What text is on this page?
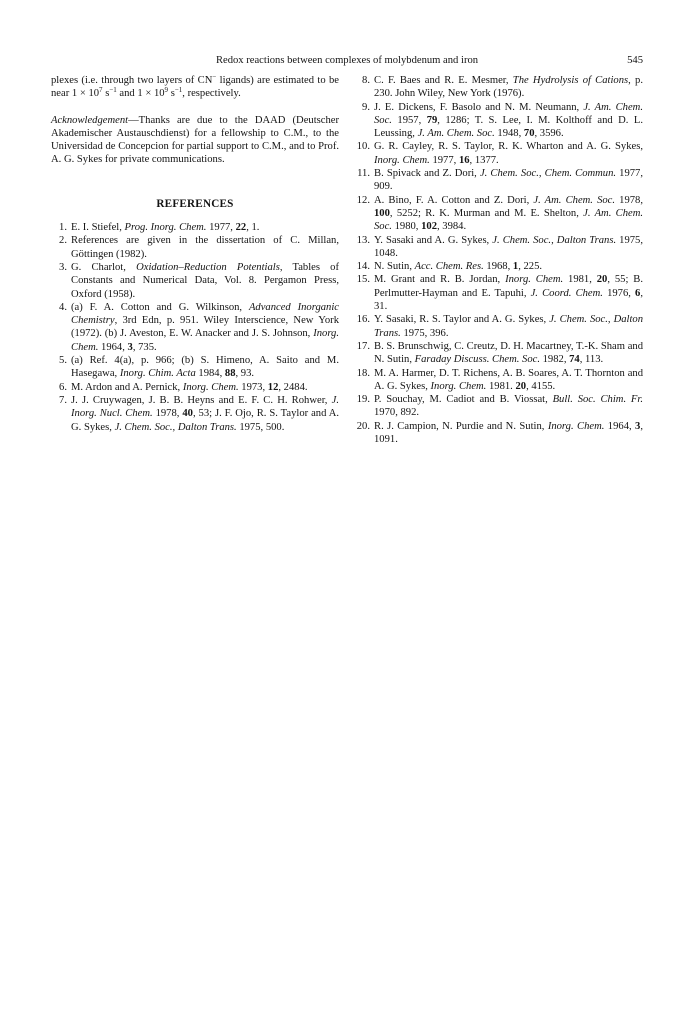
Redox reactions between complexes of molybdenum and iron	545

plexes (i.e. through two layers of CN− ligands) are estimated to be near $1 \times 10^7$ $s^{-1}$ and $1 \times 10^9$ $s^{-1}$, respectively.

Acknowledgement—Thanks are due to the DAAD (Deutscher Akademischer Austauschdienst) for a fellowship to C.M., to the Universidad de Concepcion for partial support to C.M., and to Prof. A. G. Sykes for private communications.

REFERENCES
1. E. I. Stiefel, Prog. Inorg. Chem. 1977, 22, 1.
2. References are given in the dissertation of C. Millan, Göttingen (1982).
3. G. Charlot, Oxidation–Reduction Potentials, Tables of Constants and Numerical Data, Vol. 8. Pergamon Press, Oxford (1958).
4. (a) F. A. Cotton and G. Wilkinson, Advanced Inorganic Chemistry, 3rd Edn, p. 951. Wiley Interscience, New York (1972). (b) J. Aveston, E. W. Anacker and J. S. Johnson, Inorg. Chem. 1964, 3, 735.
5. (a) Ref. 4(a), p. 966; (b) S. Himeno, A. Saito and M. Hasegawa, Inorg. Chim. Acta 1984, 88, 93.
6. M. Ardon and A. Pernick, Inorg. Chem. 1973, 12, 2484.
7. J. J. Cruywagen, J. B. B. Heyns and E. F. C. H. Rohwer, J. Inorg. Nucl. Chem. 1978, 40, 53; J. F. Ojo, R. S. Taylor and A. G. Sykes, J. Chem. Soc., Dalton Trans. 1975, 500.
8. C. F. Baes and R. E. Mesmer, The Hydrolysis of Cations, p. 230. John Wiley, New York (1976).
9. J. E. Dickens, F. Basolo and N. M. Neumann, J. Am. Chem. Soc. 1957, 79, 1286; T. S. Lee, I. M. Kolthoff and D. L. Leussing, J. Am. Chem. Soc. 1948, 70, 3596.
10. G. R. Cayley, R. S. Taylor, R. K. Wharton and A. G. Sykes, Inorg. Chem. 1977, 16, 1377.
11. B. Spivack and Z. Dori, J. Chem. Soc., Chem. Commun. 1977, 909.
12. A. Bino, F. A. Cotton and Z. Dori, J. Am. Chem. Soc. 1978, 100, 5252; R. K. Murman and M. E. Shelton, J. Am. Chem. Soc. 1980, 102, 3984.
13. Y. Sasaki and A. G. Sykes, J. Chem. Soc., Dalton Trans. 1975, 1048.
14. N. Sutin, Acc. Chem. Res. 1968, 1, 225.
15. M. Grant and R. B. Jordan, Inorg. Chem. 1981, 20, 55; B. Perlmutter-Hayman and E. Tapuhi, J. Coord. Chem. 1976, 6, 31.
16. Y. Sasaki, R. S. Taylor and A. G. Sykes, J. Chem. Soc., Dalton Trans. 1975, 396.
17. B. S. Brunschwig, C. Creutz, D. H. Macartney, T.-K. Sham and N. Sutin, Faraday Discuss. Chem. Soc. 1982, 74, 113.
18. M. A. Harmer, D. T. Richens, A. B. Soares, A. T. Thornton and A. G. Sykes, Inorg. Chem. 1981. 20, 4155.
19. P. Souchay, M. Cadiot and B. Viossat, Bull. Soc. Chim. Fr. 1970, 892.
20. R. J. Campion, N. Purdie and N. Sutin, Inorg. Chem. 1964, 3, 1091.
